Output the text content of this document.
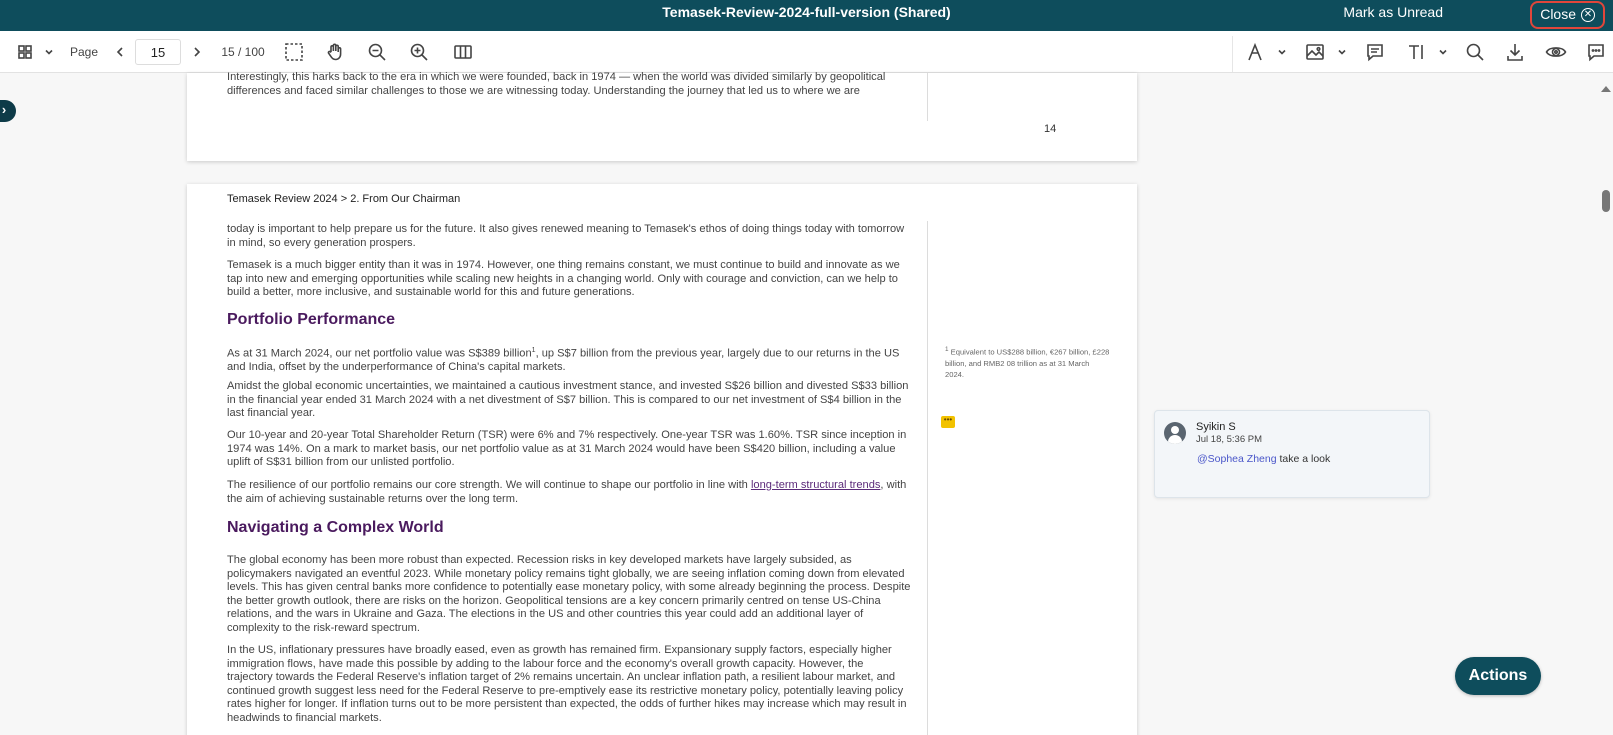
Temasek-Review-2024-full-version (Shared)	Mark as Unread	Close ✕
Page
15	15 / 100
›
Interestingly, this harks back to the era in which we were founded, back in 1974 — when the world was divided similarly by geopolitical differences and faced similar challenges to those we are witnessing today. Understanding the journey that led us to where we are
14
Temasek Review 2024 > 2. From Our Chairman
today is important to help prepare us for the future. It also gives renewed meaning to Temasek's ethos of doing things today with tomorrow in mind, so every generation prospers.
Temasek is a much bigger entity than it was in 1974. However, one thing remains constant, we must continue to build and innovate as we tap into new and emerging opportunities while scaling new heights in a changing world. Only with courage and conviction, can we help to build a better, more inclusive, and sustainable world for this and future generations.
Portfolio Performance
As at 31 March 2024, our net portfolio value was S$389 billion$^1$, up S$7 billion from the previous year, largely due to our returns in the US and India, offset by the underperformance of China's capital markets.
Amidst the global economic uncertainties, we maintained a cautious investment stance, and invested S$26 billion and divested S$33 billion in the financial year ended 31 March 2024 with a net divestment of S$7 billion. This is compared to our net investment of S$4 billion in the last financial year.
Our 10-year and 20-year Total Shareholder Return (TSR) were 6% and 7% respectively. One-year TSR was 1.60%. TSR since inception in 1974 was 14%. On a mark to market basis, our net portfolio value as at 31 March 2024 would have been S$420 billion, including a value uplift of S$31 billion from our unlisted portfolio.
The resilience of our portfolio remains our core strength. We will continue to shape our portfolio in line with long-term structural trends, with the aim of achieving sustainable returns over the long term.
Navigating a Complex World
The global economy has been more robust than expected. Recession risks in key developed markets have largely subsided, as policymakers navigated an eventful 2023. While monetary policy remains tight globally, we are seeing inflation coming down from elevated levels. This has given central banks more confidence to potentially ease monetary policy, with some already beginning the process. Despite the better growth outlook, there are risks on the horizon. Geopolitical tensions are a key concern primarily centred on tense US-China relations, and the wars in Ukraine and Gaza. The elections in the US and other countries this year could add an additional layer of complexity to the risk-reward spectrum.
In the US, inflationary pressures have broadly eased, even as growth has remained firm. Expansionary supply factors, especially higher immigration flows, have made this possible by adding to the labour force and the economy's overall growth capacity. However, the trajectory towards the Federal Reserve's inflation target of 2% remains uncertain. An unclear inflation path, a resilient labour market, and continued growth suggest less need for the Federal Reserve to pre-emptively ease its restrictive monetary policy, potentially leaving policy rates higher for longer. If inflation turns out to be more persistent than expected, the odds of further hikes may increase which may result in headwinds to financial markets.
$^1$ Equivalent to US$288 billion, €267 billion, £228 billion, and RMB2 08 trillion as at 31 March 2024.
•••
Syikin S
Jul 18, 5:36 PM
@Sophea Zheng take a look
Actions
